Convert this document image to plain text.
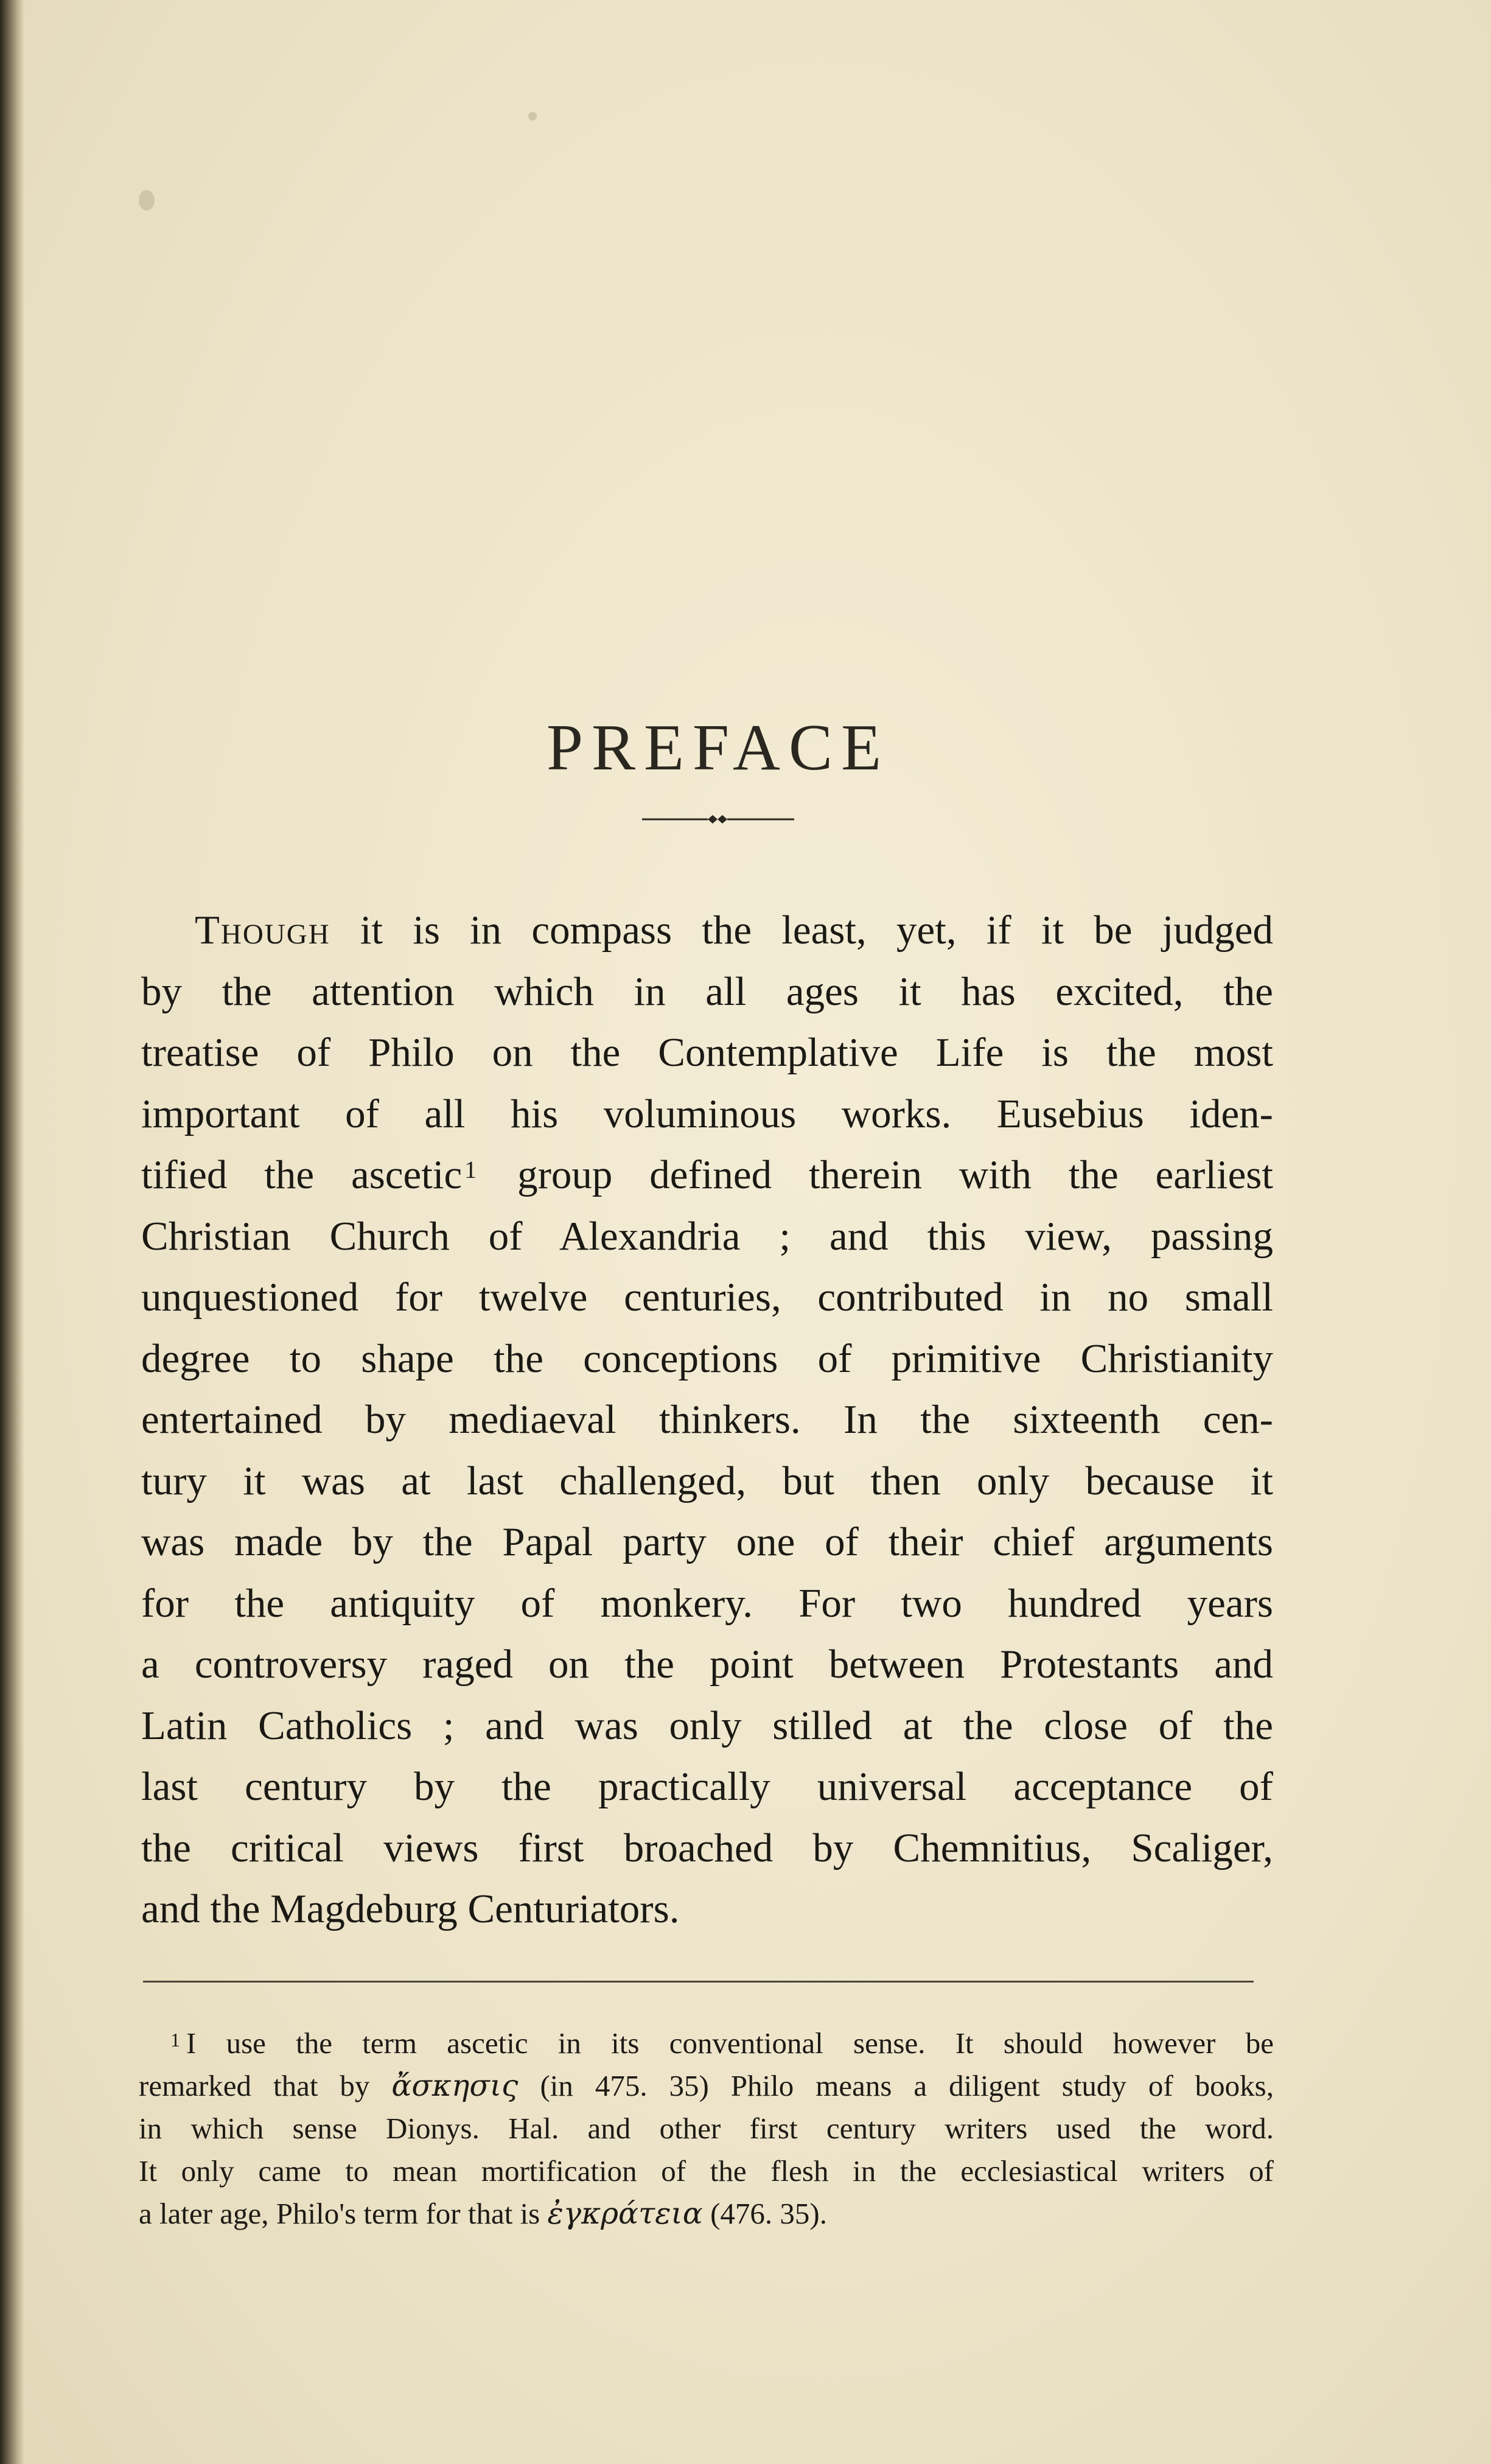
PREFACE
Though it is in compass the least, yet, if it be judged
by the attention which in all ages it has excited, the
treatise of Philo on the Contemplative Life is the most
important of all his voluminous works. Eusebius iden-
tified the ascetic $^1$ group defined therein with the earliest
Christian Church of Alexandria ; and this view, passing
unquestioned for twelve centuries, contributed in no small
degree to shape the conceptions of primitive Christianity
entertained by mediaeval thinkers. In the sixteenth cen-
tury it was at last challenged, but then only because it
was made by the Papal party one of their chief arguments
for the antiquity of monkery. For two hundred years
a controversy raged on the point between Protestants and
Latin Catholics ; and was only stilled at the close of the
last century by the practically universal acceptance of
the critical views first broached by Chemnitius, Scaliger,
and the Magdeburg Centuriators.
$^1$ I use the term ascetic in its conventional sense. It should however be
remarked that by ἄσκησις (in 475. 35) Philo means a diligent study of books,
in which sense Dionys. Hal. and other first century writers used the word.
It only came to mean mortification of the flesh in the ecclesiastical writers of
a later age, Philo's term for that is ἐγκράτεια (476. 35).
